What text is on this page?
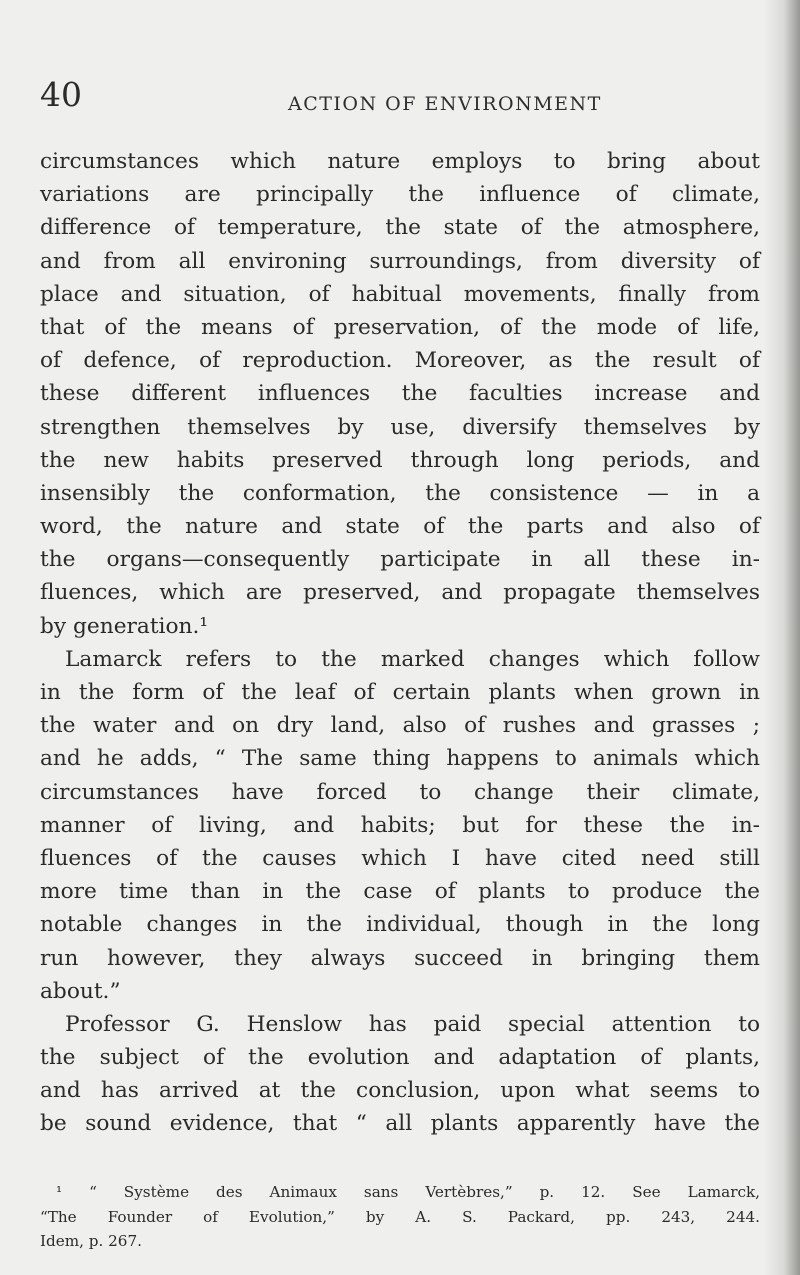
40	ACTION OF ENVIRONMENT
circumstances which nature employs to bring about
variations are principally the influence of climate,
difference of temperature, the state of the atmosphere,
and from all environing surroundings, from diversity of
place and situation, of habitual movements, finally from
that of the means of preservation, of the mode of life,
of defence, of reproduction. Moreover, as the result of
these different influences the faculties increase and
strengthen themselves by use, diversify themselves by
the new habits preserved through long periods, and
insensibly the conformation, the consistence — in a
word, the nature and state of the parts and also of
the organs—consequently participate in all these in-
fluences, which are preserved, and propagate themselves
by generation.¹
Lamarck refers to the marked changes which follow
in the form of the leaf of certain plants when grown in
the water and on dry land, also of rushes and grasses ;
and he adds, “ The same thing happens to animals which
circumstances have forced to change their climate,
manner of living, and habits; but for these the in-
fluences of the causes which I have cited need still
more time than in the case of plants to produce the
notable changes in the individual, though in the long
run however, they always succeed in bringing them
about.”
Professor G. Henslow has paid special attention to
the subject of the evolution and adaptation of plants,
and has arrived at the conclusion, upon what seems to
be sound evidence, that “ all plants apparently have the
¹ “ Système des Animaux sans Vertèbres,” p. 12. See Lamarck,
“The Founder of Evolution,” by A. S. Packard, pp. 243, 244.
Idem, p. 267.
